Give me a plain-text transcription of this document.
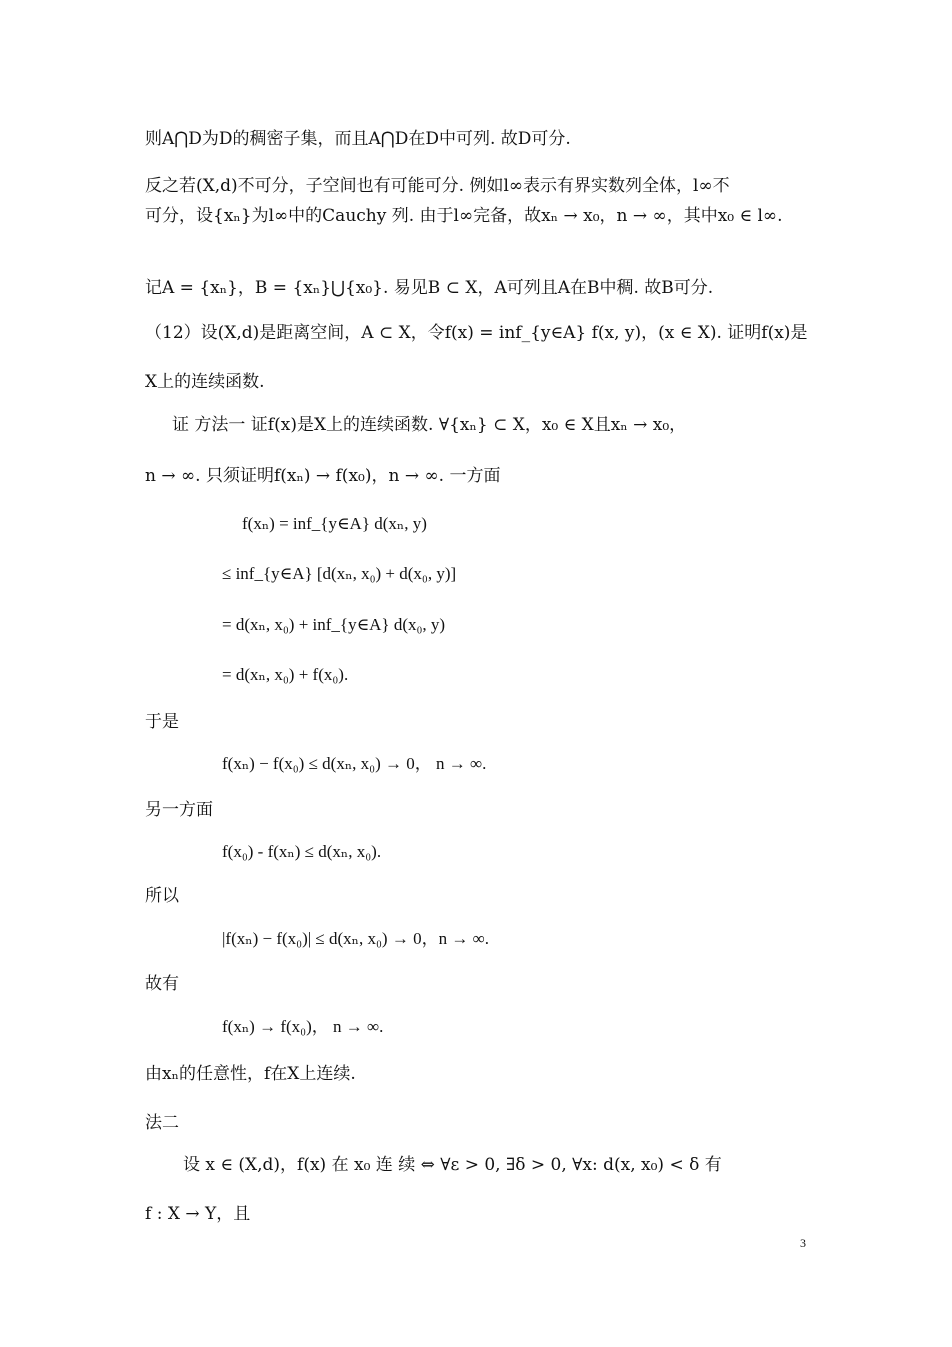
则A⋂D为D的稠密子集，而且A⋂D在D中可列. 故D可分.
反之若(X,d)不可分，子空间也有可能可分. 例如l∞表示有界实数列全体，l∞不
可分，设{xₙ}为l∞中的Cauchy 列. 由于l∞完备，故xₙ → x₀，n → ∞，其中x₀ ∈ l∞.
记A = {xₙ}，B = {xₙ}⋃{x₀}. 易见B ⊂ X，A可列且A在B中稠. 故B可分.
（12）设(X,d)是距离空间，A ⊂ X，令f(x) = inf_{y∈A} f(x, y)，(x ∈ X). 证明f(x)是
X上的连续函数.
证 方法一 证f(x)是X上的连续函数. ∀{xₙ} ⊂ X，x₀ ∈ X且xₙ → x₀，
n → ∞. 只须证明f(xₙ) → f(x₀)，n → ∞. 一方面
f(xₙ) = inf_{y∈A} d(xₙ, y)
≤ inf_{y∈A} [d(xₙ, x₀) + d(x₀, y)]
= d(xₙ, x₀) + inf_{y∈A} d(x₀, y)
= d(xₙ, x₀) + f(x₀).
于是
f(xₙ) − f(x₀) ≤ d(xₙ, x₀) → 0， n → ∞.
另一方面
f(x₀) - f(xₙ) ≤ d(xₙ, x₀).
所以
|f(xₙ) − f(x₀)| ≤ d(xₙ, x₀) → 0，n → ∞.
故有
f(xₙ) → f(x₀)， n → ∞.
由xₙ的任意性，f在X上连续.
法二
设 x ∈ (X,d)，f(x) 在 x₀ 连 续 ⇔ ∀ε > 0, ∃δ > 0, ∀x: d(x, x₀) < δ 有
f : X → Y，且
3
